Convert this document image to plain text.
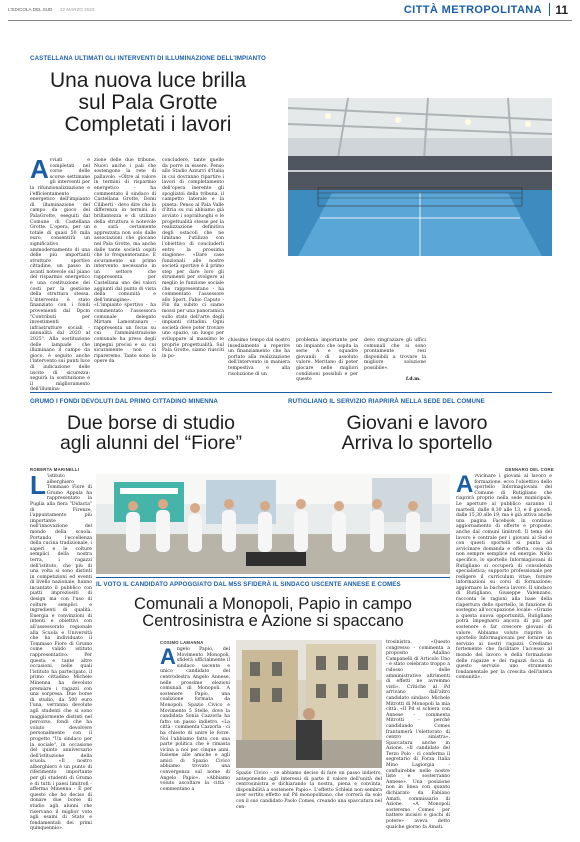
L'EDICOLA DEL SUD 22 MARZO 2023	CITTÀ METROPOLITANA 11
CASTELLANA ULTIMATI GLI INTERVENTI DI ILLUMINAZIONE DELL'IMPIANTO
Una nuova luce brilla
sul Pala Grotte
Completati i lavori
Avviati e completati nel corso delle scorse settimane gli interventi per la rifunzionalizzazione e l'efficientamento energetico dell'impianto di illuminazione del campo da gioco del PalaGrotte, eseguiti dal Comune di Castellana Grotte. L'opera, per un totale di quasi 50 mila euro, consentirà un significativo ammodernamento di una delle più importanti strutture sportive cittadine, un passo in avanti notevole sul piano del risparmio energetico e una costituzione dei costi per la gestione della struttura stessa. L'intervento è stato finanziato con i fondi provenienti dal Dpcm "Contributi per investimenti infrastrutture sociali - annualità dal 2020 al 2025". Alla sostituzione delle lampade che illuminano il campo da gioco, è seguito anche l'intervento sui punti luce di indicazione delle uscite di sicurezza: seguirà la sostituzione e il miglioramento dell'illumina-
zione delle due tribune. Nuovi anche i pali che sostengono la rete di pallavolo. «Oltre al valore in termini di risparmio energetico - ha commentato il sindaco di Castellana Grotte, Domi Ciliberti - devo dire che la differenza in termini di brillantezza e di utilizzo della struttura è notevole e sarà certamente apprezzata non solo dalle associazioni che giocano nel Pala Grotte, ma anche dalle tante società ospiti che lo frequenteranno. È sicuramente un primo intervento necessario in un settore che rappresenta per Castellana uno dei valori aggiunti dal punto di vista della comunità e dell'immagine». «L'impianto sportivo - ha commentato l'assessora comunale delegato Mirtam Lamontanaro - rappresenta un focus su cui l'amministrazione comunale ha preso degli impegni precisi e su cui sicuramente non ci ripareremo. Tante sono le opere da
concludere, tante quelle da porre in essere. Penso allo Stadio Azzurri d'Italia in cui dovranno ripartire i lavori di completamento dell'opera inerente gli spogliatoi della tribuna, il campetto laterale e la pineta. Penso al Pala Valle d'Itria su cui abbiamo già avviato i sopralluoghi e le progettualità stesse per la realizzazione definitiva degli ostacoli che ne limitano l'utilizzo con l'obiettivo di concluderli entro la prossima stagione». «Dare case funzionali alle nostre società sportive è il primo step per dare loro gli strumenti per svolgere al meglio le funzione sociale che rappresentano - ha commentato l'assessore allo Sport, Fabio Caputo - Fin da subito ci siamo mossi per una panoramica sullo stato dell'arte degli impianti cittadini. Ogni società deve poter trovare uno spazio, un luogo per sviluppare al massimo le proprie progettualità. Sul Pala Grotte, siamo riusciti in po-
chissimo tempo dal nostro insediamento a reperire un finanziamento che ha portato alla realizzazione dell'intervento in maniera tempestiva e alla risoluzione di un
problema importante per un impianto che ospita la serie A e squadre giovanili di assoluto valore. Meritano di poter giocare nelle migliori condizioni possibili e per questo
devo ringraziare gli uffici comunali che si sono prontamente resi disponibili a trovare la migliore soluzione possibile».
f.d.m.
GRUMO I FONDI DEVOLUTI DAL PRIMO CITTADINO MINENNA
Due borse di studio
agli alunni del “Fiore”
RUTIGLIANO IL SERVIZIO RIAPRIRÀ NELLA SEDE DEL COMUNE
Giovani e lavoro
Arriva lo sportello
ROBERTA MARINELLI	GENNARO DEL CORE
L 'istituto alberghiero Tommaso Fiore di Grumo Appula ha rappresentato la Puglia alla fiera "Didacta" di Firenze, l'appuntamento più importante nell'innovazione del mondo della scuola. Portando l'eccellenza della cucina tradizionale, i saperi e le colture semplici della nostra terra, i ragazzi dell'istituto, che più di una volta si sono distinti in competizioni ed eventi di livello nazionale, hanno incantato il pubblico con piatti impreziositi di design ma con l'uso di colture semplici e ingredienti di qualità. Energia e convinzioni di intenti e obiettivi con all'assessorato regionale alla Scuola e Università che ha individuato il Tommaso Fiore di Grumo come valido istituto rappresentativo. Per questa e tante altre occasioni, nelle quali l'istituto ha partecipato, il primo cittadino Michele Minenna ha devoluto premiare i ragazzi con una sorpresa. Due borse di studio, da 500 euro l'una, verranno devolute agli studenti che si sono maggiormente distinti nel percorso, fondi che ha voluto devolvere personalmente con il progetto "Un sindaco per la sociale", in occasione del quinto anniversario dell'istituzione della scuola. «Il nostro alberghiero è un punto di riferimento importante per gli studenti di Grumo e di tutti i paesi limitrofi - afferma Minenna - È per questo che ho deciso di donare due borse di studio agli alunni che riservano il miglior voto agli esami di Stato e fondamentali dei primi quinquennio».
Avvicinare i giovani al lavoro e formazione, ecco l'obiettivo dello sportello Informagiovani del Comune di Rutigliano che riaprirà proprio nella sede municipale. Le aperture al pubblico saranno il martedì, dalle 8,30 alle 13, e il giovedì, dalle 15,30 alle 19, ma è già attiva anche una pagina Facebook in continuo aggiornamento di offerte e proposte, anche dal comuni limitrofi. Il tema del lavoro è centrale per i giovani al Sud e con questi sportelli si punta ad avvicinare domanda e offerta, cosa da non sempre semplice ed energie. Nello specifico, lo sportello Informagiovani di Rutigliano si occuperà di consulenza specialistica; supporto professionale per redigere il curriculum vitae; fornire informazioni su corsi di formazione; aggiornare la bacheca lavoro. Il sindaco di Rutigliano, Giuseppe Valenzano, racconta le ragioni alla base della riapertura dello sportello, in funzione di sostegno all'occupazione locale: «Grazie a questa nuova opportunità, Rutigliano potrà impegnarsi ancora di più per sostenere e far crescere giovani di valore. Abbiamo voluto riaprire lo sportello Informagiovani per fornire un servizio ai nostri ragazzi. Crediamo fortemente che facilitare l'accesso al mondo del lavoro e della formazione delle ragazze e dei ragazzi faccia di questo servizio uno strumento fondamentale per la crescita dell'intera comunità».
IL VOTO IL CANDIDATO APPOGGIATO DAL M5S SFIDERÀ IL SINDACO USCENTE ANNESE E COMES
Comunali a Monopoli, Papio in campo
Centrosinistra e Azione si spaccano
COSIMO LAMANNA
Angelo Papio, del Movimento Monopoli, sfiderà ufficialmente il sindaco uscente e unico candidato del centrodestra Angelo Annese, nelle prossime elezioni comunali di Monopoli. A sostenere Papio, una coalizione formata da Monopoli, Spazio Civico e Movimento 5 Stelle, dove la candidata Sonia Cazzorla ha fatto un passo indietro. «La città - commenta Cazzorla - ci ha chiesto di unire le forze. Noi l'abbiamo fatto con una parte politica che è rimasta vicina a noi per cinque anni. Insieme alle amiche e agli amici di Spazio Civico abbiamo trovato una convergenza sul nome di Angelo Papio». «Abbiamo voluto ascoltare la città - commentano a
Spazio Civico - ce abbiamo deciso di fare un passo indietro, anteponendo agli interessi di parte il valore dell'unità del centrosinistra e dichiarando la nostra, piena e convinta, disponibilità a sostenere Papio». L'effetto Schlein non sembra aver sortito effetto sul Pd monopolitano, che correrà da solo con il suo candidato Paolo Comes, creando una spaccatura nel cen-
trosinistra. «Questo congresso - commenta a proposito Adalino Campanelli di Articolo Uno - è stato celebrato troppo a ridosso delle amministrative altrimenti di effetti ne avremmo visti». Critiche al Pd arrivano dall'altro candidato sindaco Michele Mitrotti di Monopoli la mia città. «Il Pd si schiera con Annese - commenta Mitrotti - perché candidando Comes frantumerà l'elettorato di centro sinistra». Spaccatura anche in Azione. «Il candidato del Terzo Polo - ci conferma il segretario di Forza Italia Mino Lagiorgia - confluirebbe nelle nostre liste e sosterranno Annese». Una posizione non in linea con quanto dichiarato da Fabiano Amati, commissario di Azione. «A Monopoli sosteremo Comes per battere incisivi e giochi di potere» aveva detto qualche giorno fa Amati.
